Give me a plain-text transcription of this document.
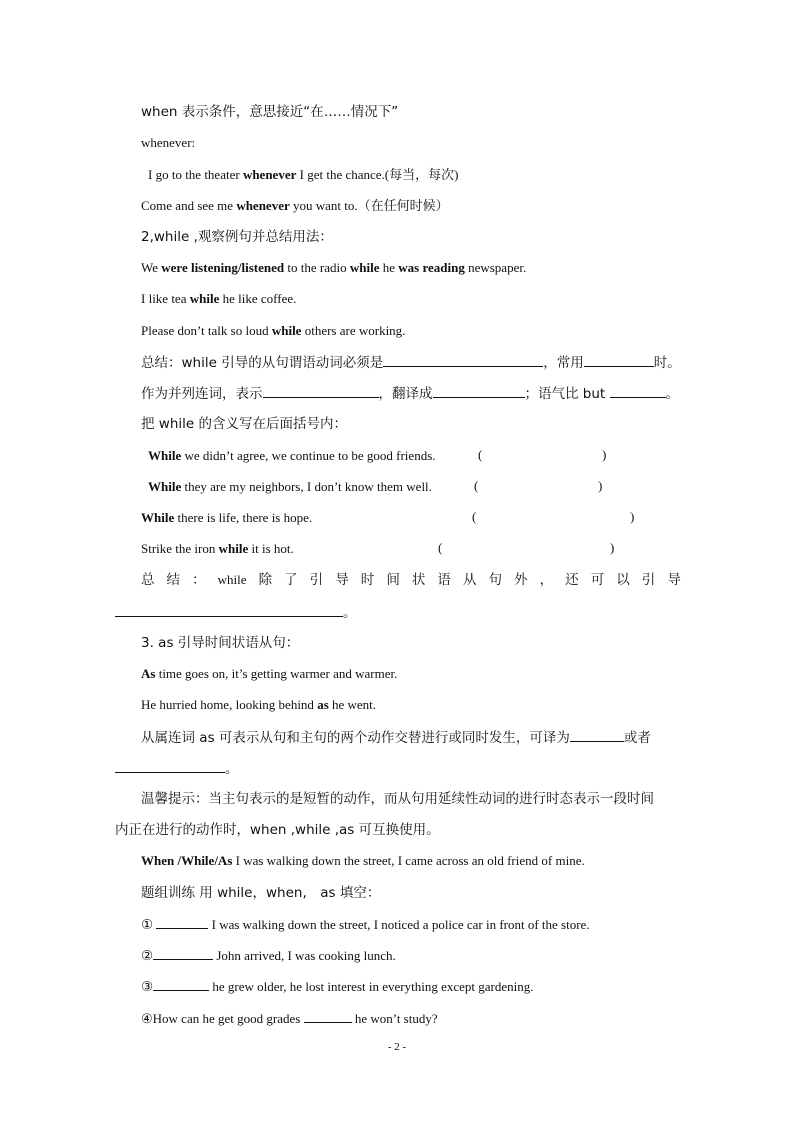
when 表示条件，意思接近“在……情况下”
whenever:
I go to the theater whenever I get the chance.(每当，每次)
Come and see me whenever you want to.（在任何时候）
2,while ,观察例句并总结用法：
We were listening/listened to the radio while he was reading newspaper.
I like tea while he like coffee.
Please don’t talk so loud while others are working.
总结：while 引导的从句谓语动词必须是	，常用	时。
作为并列连词，表示	，翻译成	；语气比 but	。
把 while 的含义写在后面括号内：
While we didn’t agree, we continue to be good friends.	(	)
While they are my neighbors, I don’t know them well.	(	)
While there is life, there is hope.	(	)
Strike the iron while it is hot.	(	)
总 结 ： while 除 了 引 导 时 间 状 语 从 句 外 ， 还 可 以 引 导
。
3. as 引导时间状语从句：
As time goes on, it’s getting warmer and warmer.
He hurried home, looking behind as he went.
从属连词 as 可表示从句和主句的两个动作交替进行或同时发生，可译为	或者
。
温馨提示：当主句表示的是短暂的动作，而从句用延续性动词的进行时态表示一段时间
内正在进行的动作时，when ,while ,as 可互换使用。
When /While/As I was walking down the street, I came across an old friend of mine.
题组训练 用 while，when,　as 填空：
①	I was walking down the street, I noticed a police car in front of the store.
②	John arrived, I was cooking lunch.
③	he grew older, he lost interest in everything except gardening.
④How can he get good grades	he won’t study?
- 2 -
